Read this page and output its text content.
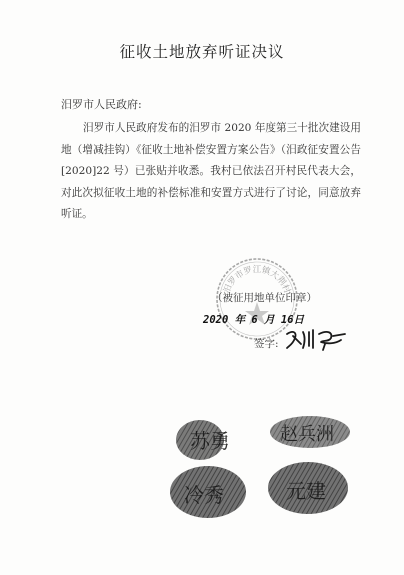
征收土地放弃听证决议
汨罗市人民政府:
汨罗市人民政府发布的汨罗市 2020 年度第三十批次建设用地（增减挂钩）《征收土地补偿安置方案公告》（汨政征安置公告[2020]22 号）已张贴并收悉。我村已依法召开村民代表大会，对此次拟征收土地的补偿标准和安置方式进行了讨论，同意放弃听证。
汨罗市罗江镇大荆村
（被征用地单位印章）
2020 年 6 月 16日
签字:
苏勇	赵兵洲
冷秀	元建
